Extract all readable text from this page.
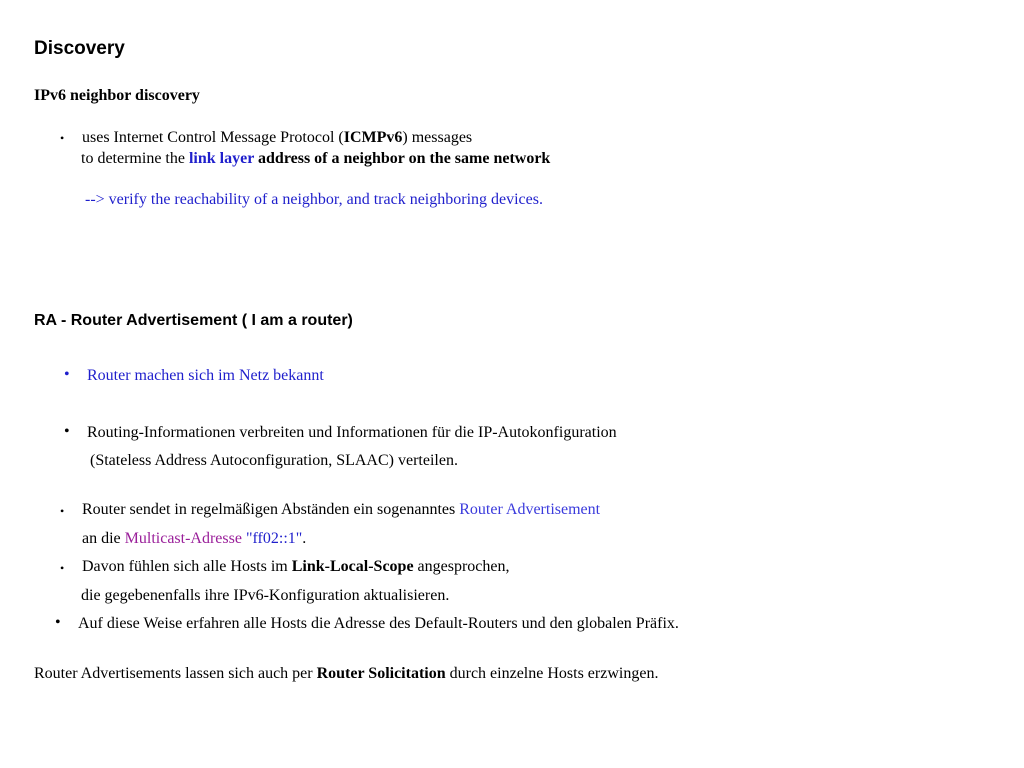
Discovery
IPv6 neighbor discovery
• uses Internet Control Message Protocol (ICMPv6) messages
to determine the link layer address of a neighbor on the same network
--> verify the reachability of a neighbor, and track neighboring devices.
RA - Router Advertisement ( I am a router)
• Router machen sich im Netz bekannt
• Routing-Informationen verbreiten und Informationen für die IP-Autokonfiguration
(Stateless Address Autoconfiguration, SLAAC) verteilen.
• Router sendet in regelmäßigen Abständen ein sogenanntes Router Advertisement
an die Multicast-Adresse "ff02::1".
• Davon fühlen sich alle Hosts im Link-Local-Scope angesprochen,
die gegebenenfalls ihre IPv6-Konfiguration aktualisieren.
• Auf diese Weise erfahren alle Hosts die Adresse des Default-Routers und den globalen Präfix.
Router Advertisements lassen sich auch per Router Solicitation durch einzelne Hosts erzwingen.
